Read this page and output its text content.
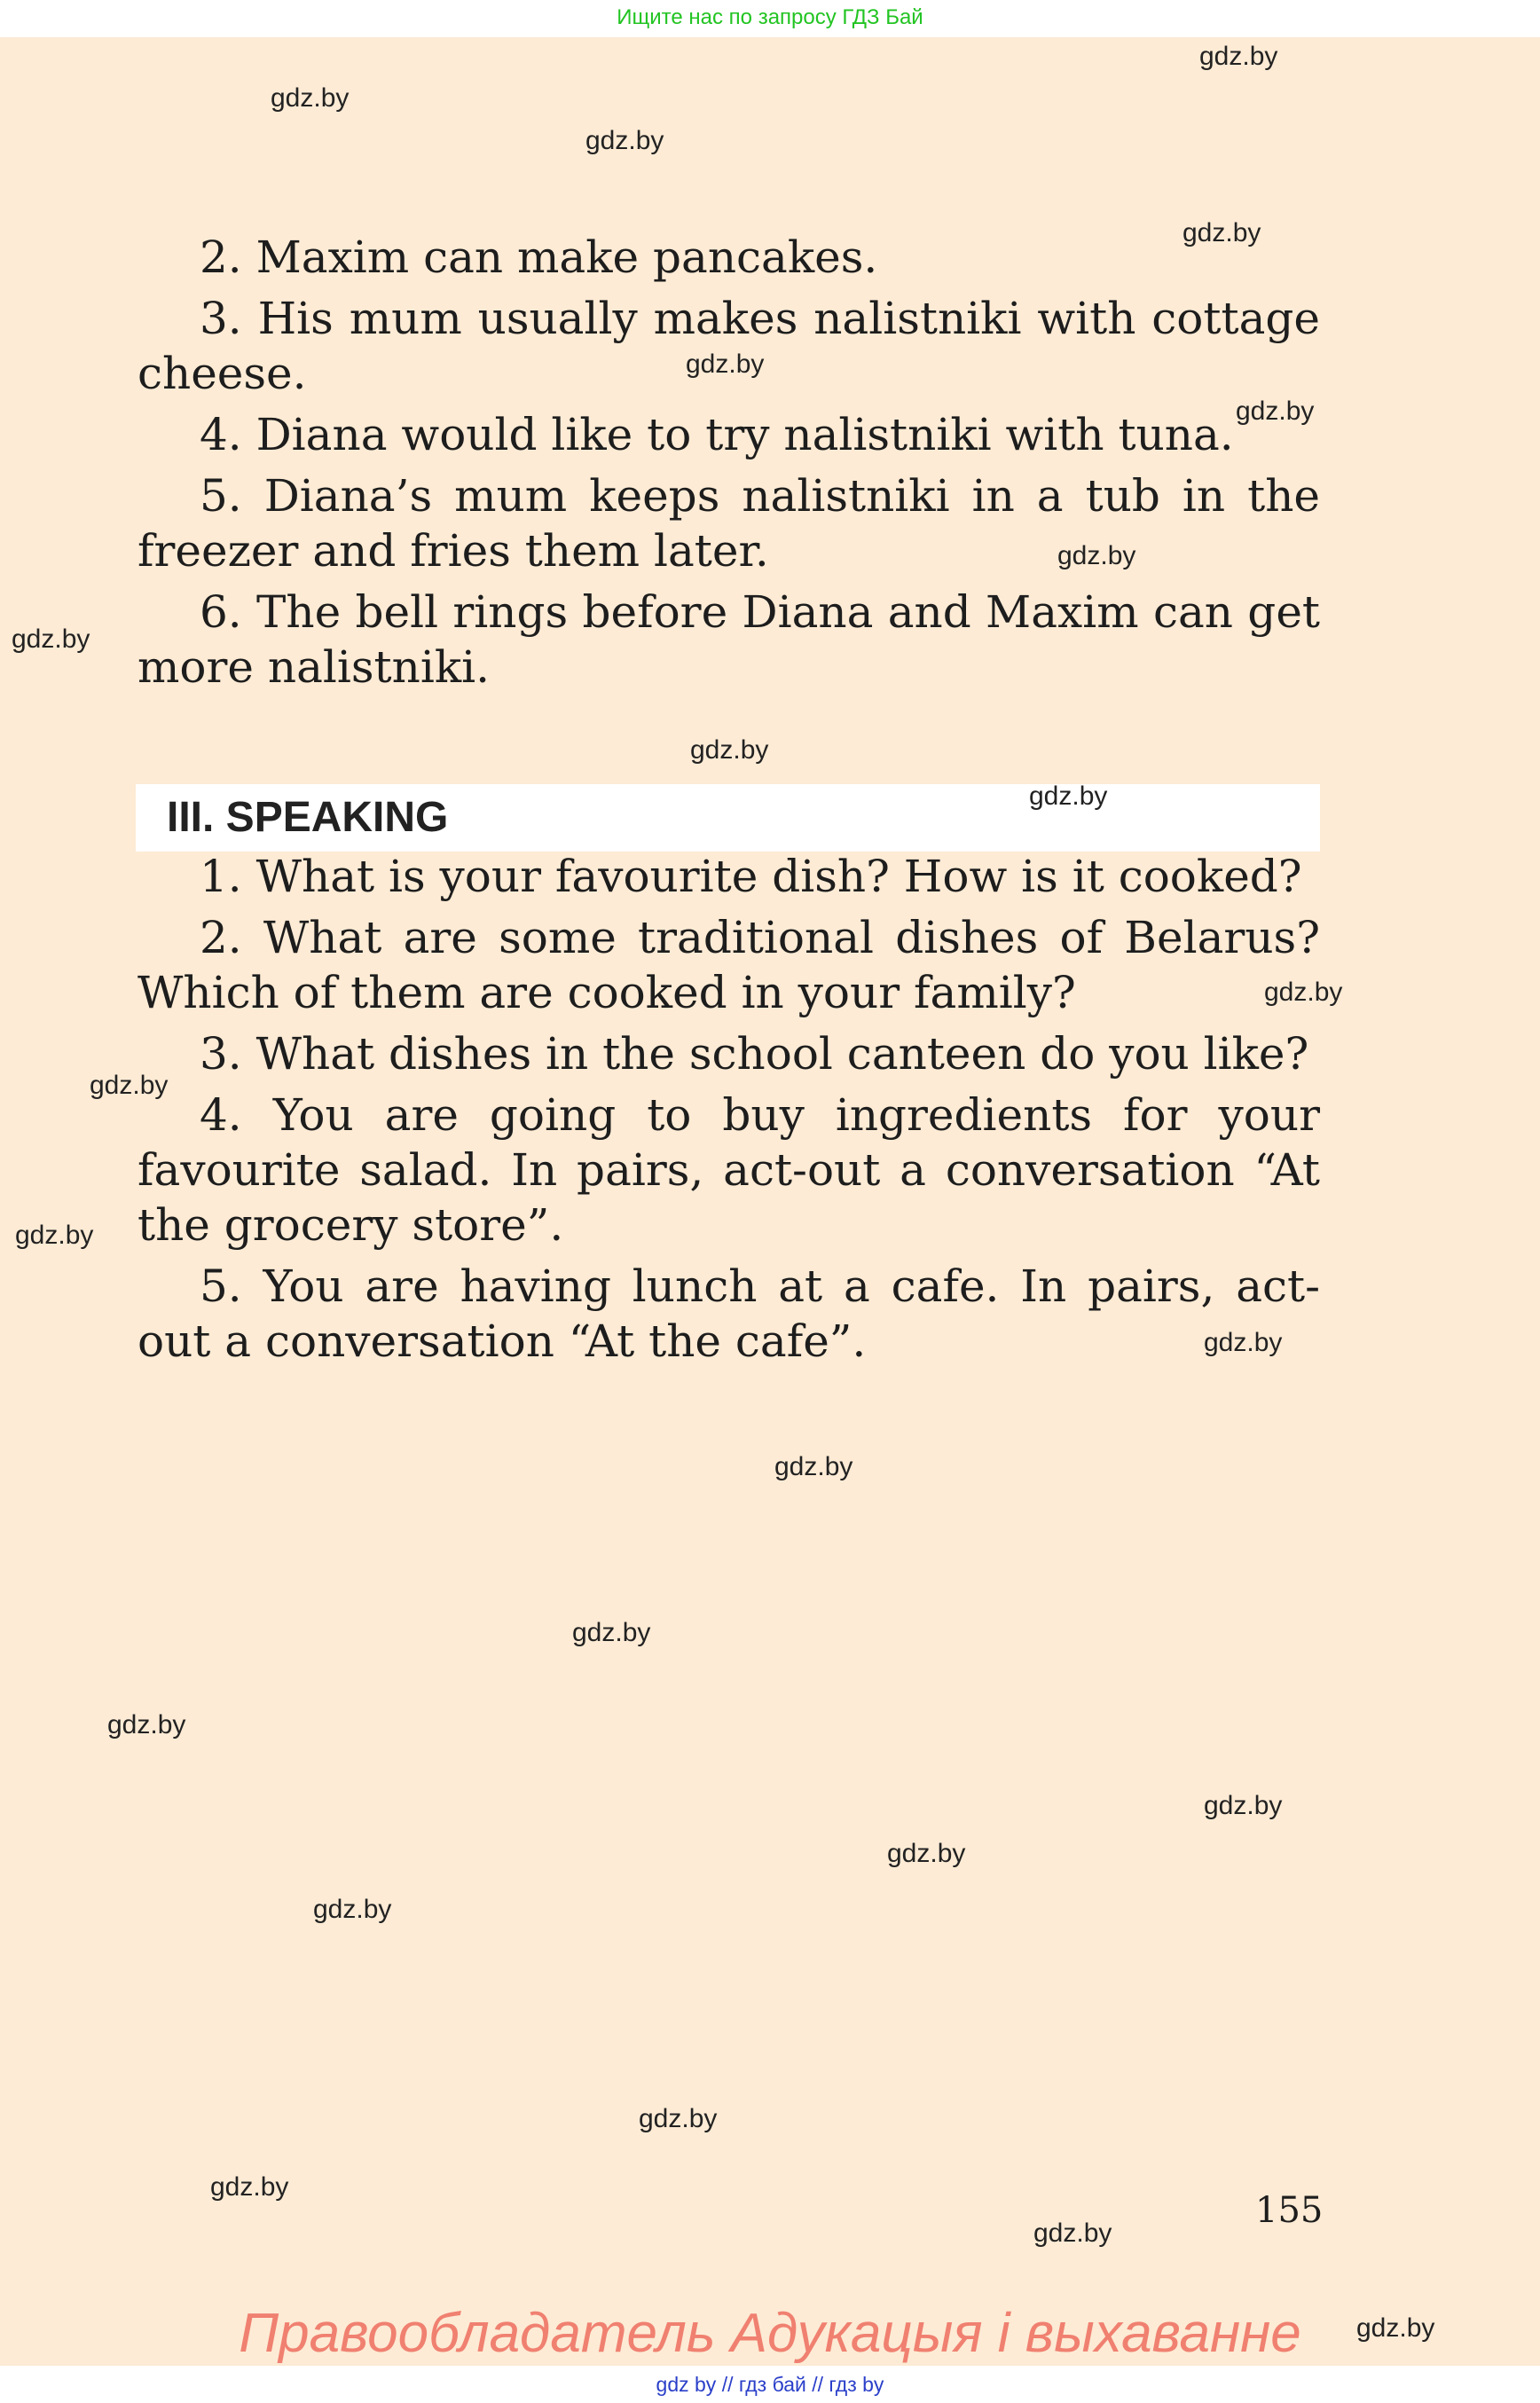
Ищите нас по запросу ГДЗ Бай

2. Maxim can make pancakes.

3. His mum usually makes nalistniki with cottage cheese.

4. Diana would like to try nalistniki with tuna.

5. Diana’s mum keeps nalistniki in a tub in the freezer and fries them later.

6. The bell rings before Diana and Maxim can get more nalistniki.

III. SPEAKING

1. What is your favourite dish? How is it cooked?

2. What are some traditional dishes of Belarus? Which of them are cooked in your family?

3. What dishes in the school canteen do you like?

4. You are going to buy ingredients for your favourite salad. In pairs, act-out a conversation “At the grocery store”.

5. You are having lunch at a cafe. In pairs, act-out a conversation “At the cafe”.

155
Правообладатель Адукацыя і выхаванне
gdz.by
gdz.by
gdz.by
gdz.by
gdz.by
gdz.by
gdz.by
gdz.by
gdz.by
gdz.by
gdz.by
gdz.by
gdz.by
gdz.by
gdz.by
gdz.by
gdz.by
gdz.by
gdz.by
gdz.by
gdz.by
gdz.by
gdz.by
gdz.by
gdz by // гдз бай // гдз by
